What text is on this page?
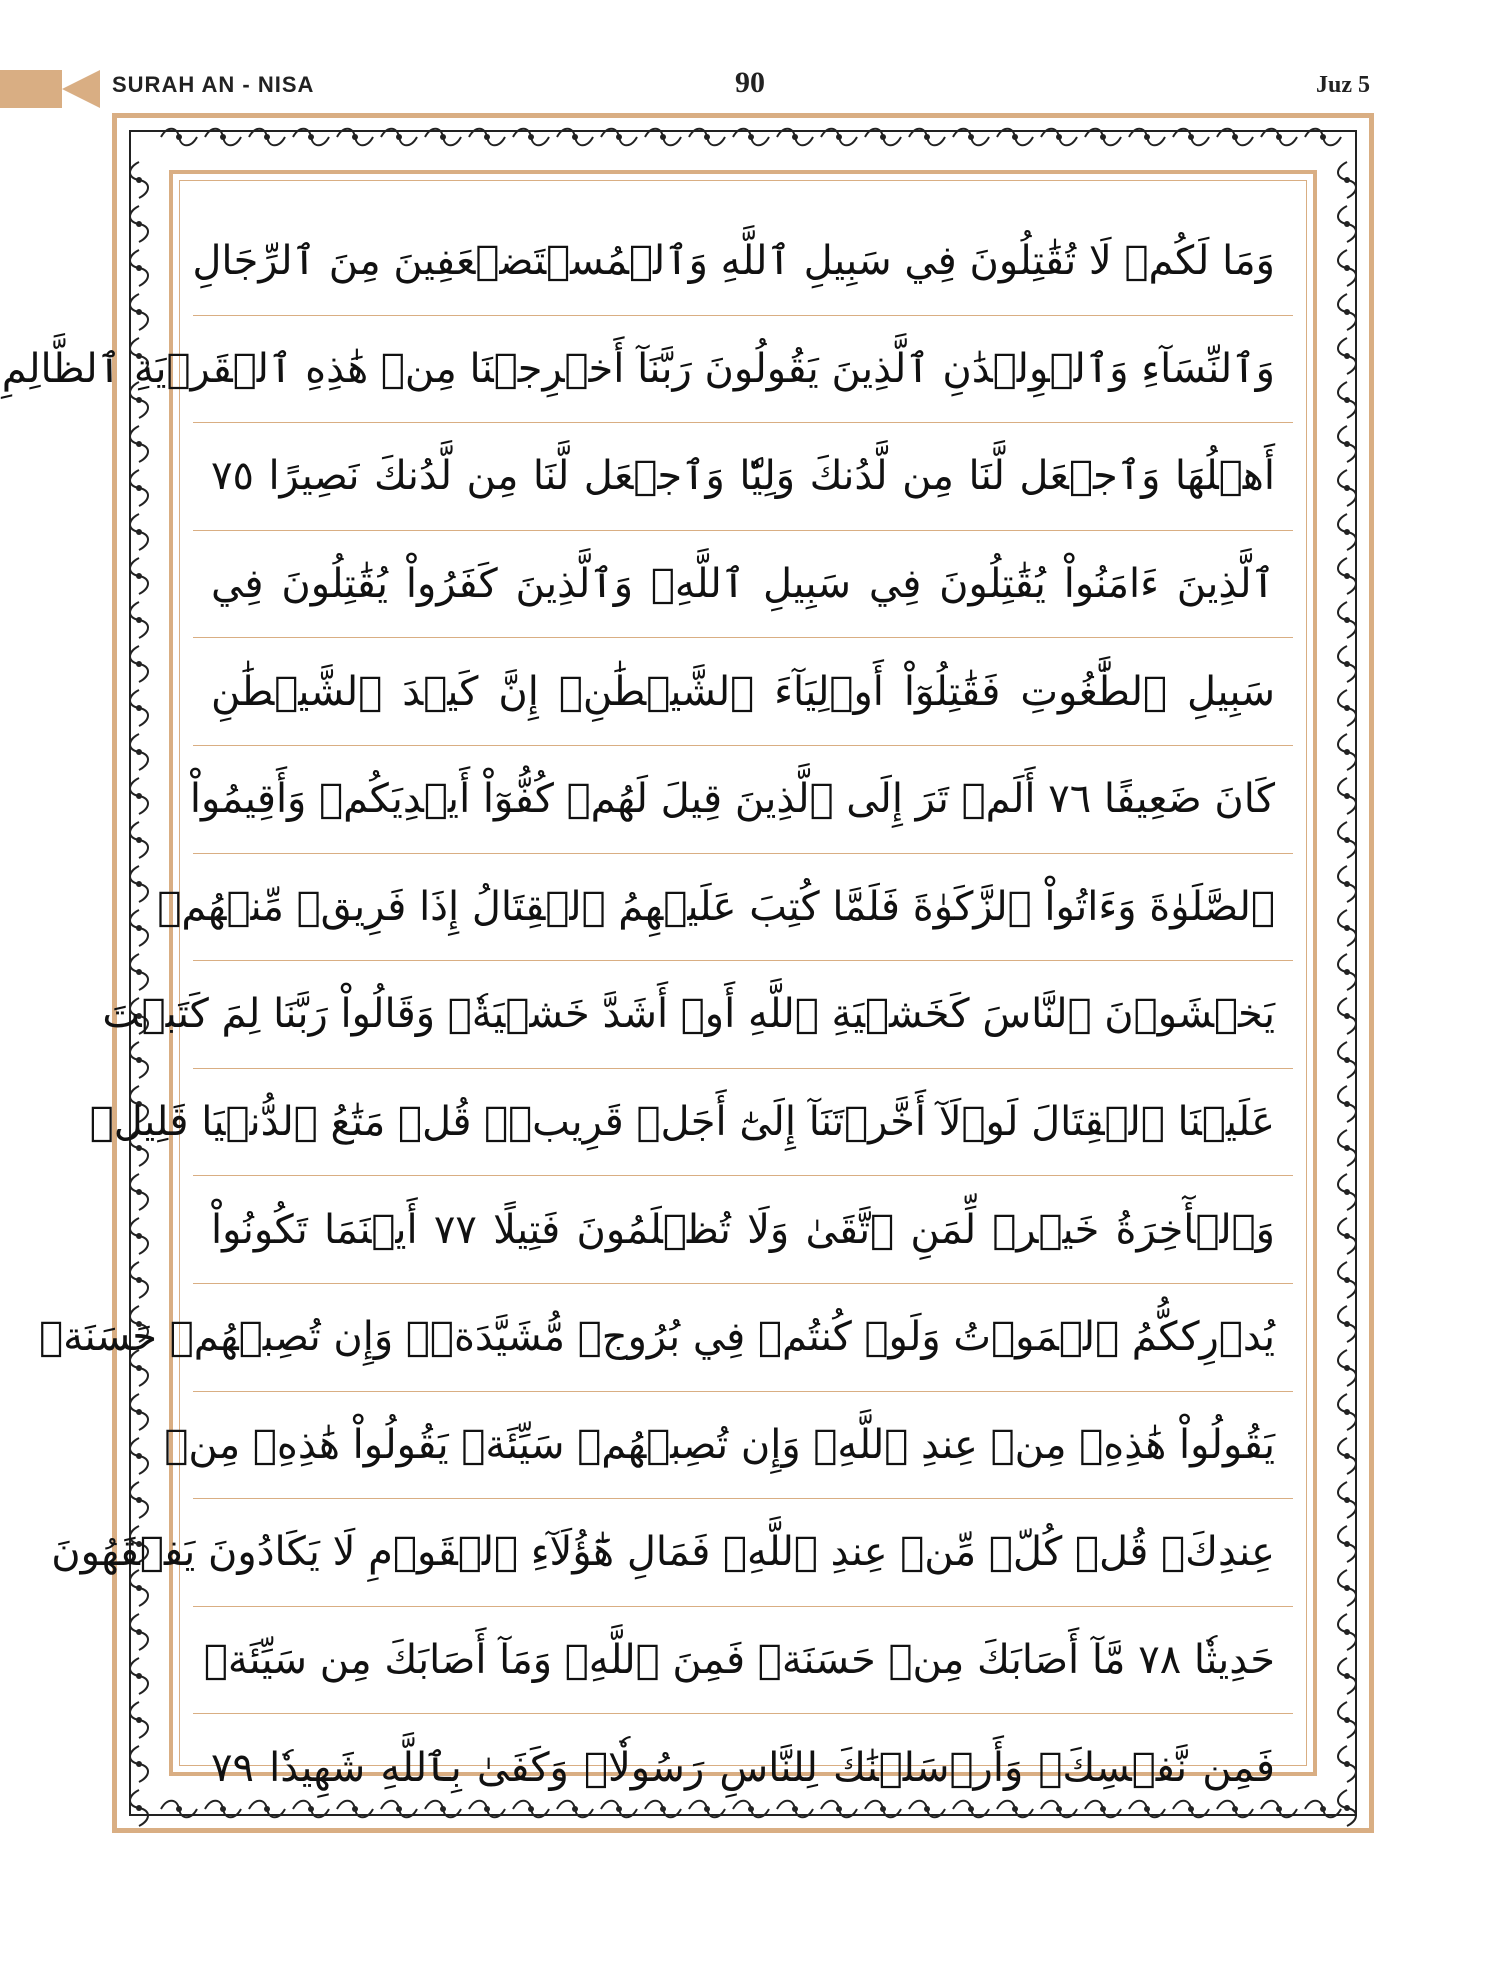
SURAH AN - NISA	90	Juz 5
وَمَا لَكُمۡ لَا تُقَٰتِلُونَ فِي سَبِيلِ ٱللَّهِ وَٱلۡمُسۡتَضۡعَفِينَ مِنَ ٱلرِّجَالِ
وَٱلنِّسَآءِ وَٱلۡوِلۡدَٰنِ ٱلَّذِينَ يَقُولُونَ رَبَّنَآ أَخۡرِجۡنَا مِنۡ هَٰذِهِ ٱلۡقَرۡيَةِ ٱلظَّالِمِ
أَهۡلُهَا وَٱجۡعَل لَّنَا مِن لَّدُنكَ وَلِيّٗا وَٱجۡعَل لَّنَا مِن لَّدُنكَ نَصِيرًا ٧٥
ٱلَّذِينَ ءَامَنُواْ يُقَٰتِلُونَ فِي سَبِيلِ ٱللَّهِۖ وَٱلَّذِينَ كَفَرُواْ يُقَٰتِلُونَ فِي
سَبِيلِ ٱلطَّٰغُوتِ فَقَٰتِلُوٓاْ أَوۡلِيَآءَ ٱلشَّيۡطَٰنِۖ إِنَّ كَيۡدَ ٱلشَّيۡطَٰنِ
كَانَ ضَعِيفًا ٧٦ أَلَمۡ تَرَ إِلَى ٱلَّذِينَ قِيلَ لَهُمۡ كُفُّوٓاْ أَيۡدِيَكُمۡ وَأَقِيمُواْ
ٱلصَّلَوٰةَ وَءَاتُواْ ٱلزَّكَوٰةَ فَلَمَّا كُتِبَ عَلَيۡهِمُ ٱلۡقِتَالُ إِذَا فَرِيقٞ مِّنۡهُمۡ
يَخۡشَوۡنَ ٱلنَّاسَ كَخَشۡيَةِ ٱللَّهِ أَوۡ أَشَدَّ خَشۡيَةٗۚ وَقَالُواْ رَبَّنَا لِمَ كَتَبۡتَ
عَلَيۡنَا ٱلۡقِتَالَ لَوۡلَآ أَخَّرۡتَنَآ إِلَىٰٓ أَجَلٖ قَرِيبٖۗ قُلۡ مَتَٰعُ ٱلدُّنۡيَا قَلِيلٞ
وَٱلۡأٓخِرَةُ خَيۡرٞ لِّمَنِ ٱتَّقَىٰ وَلَا تُظۡلَمُونَ فَتِيلًا ٧٧ أَيۡنَمَا تَكُونُواْ
يُدۡرِككُّمُ ٱلۡمَوۡتُ وَلَوۡ كُنتُمۡ فِي بُرُوجٖ مُّشَيَّدَةٖۗ وَإِن تُصِبۡهُمۡ حَسَنَةٞ
يَقُولُواْ هَٰذِهِۦ مِنۡ عِندِ ٱللَّهِۖ وَإِن تُصِبۡهُمۡ سَيِّئَةٞ يَقُولُواْ هَٰذِهِۦ مِنۡ
عِندِكَۚ قُلۡ كُلّٞ مِّنۡ عِندِ ٱللَّهِۖ فَمَالِ هَٰٓؤُلَآءِ ٱلۡقَوۡمِ لَا يَكَادُونَ يَفۡقَهُونَ
حَدِيثٗا ٧٨ مَّآ أَصَابَكَ مِنۡ حَسَنَةٖ فَمِنَ ٱللَّهِۖ وَمَآ أَصَابَكَ مِن سَيِّئَةٖ
فَمِن نَّفۡسِكَۚ وَأَرۡسَلۡنَٰكَ لِلنَّاسِ رَسُولٗاۚ وَكَفَىٰ بِٱللَّهِ شَهِيدٗا ٧٩
